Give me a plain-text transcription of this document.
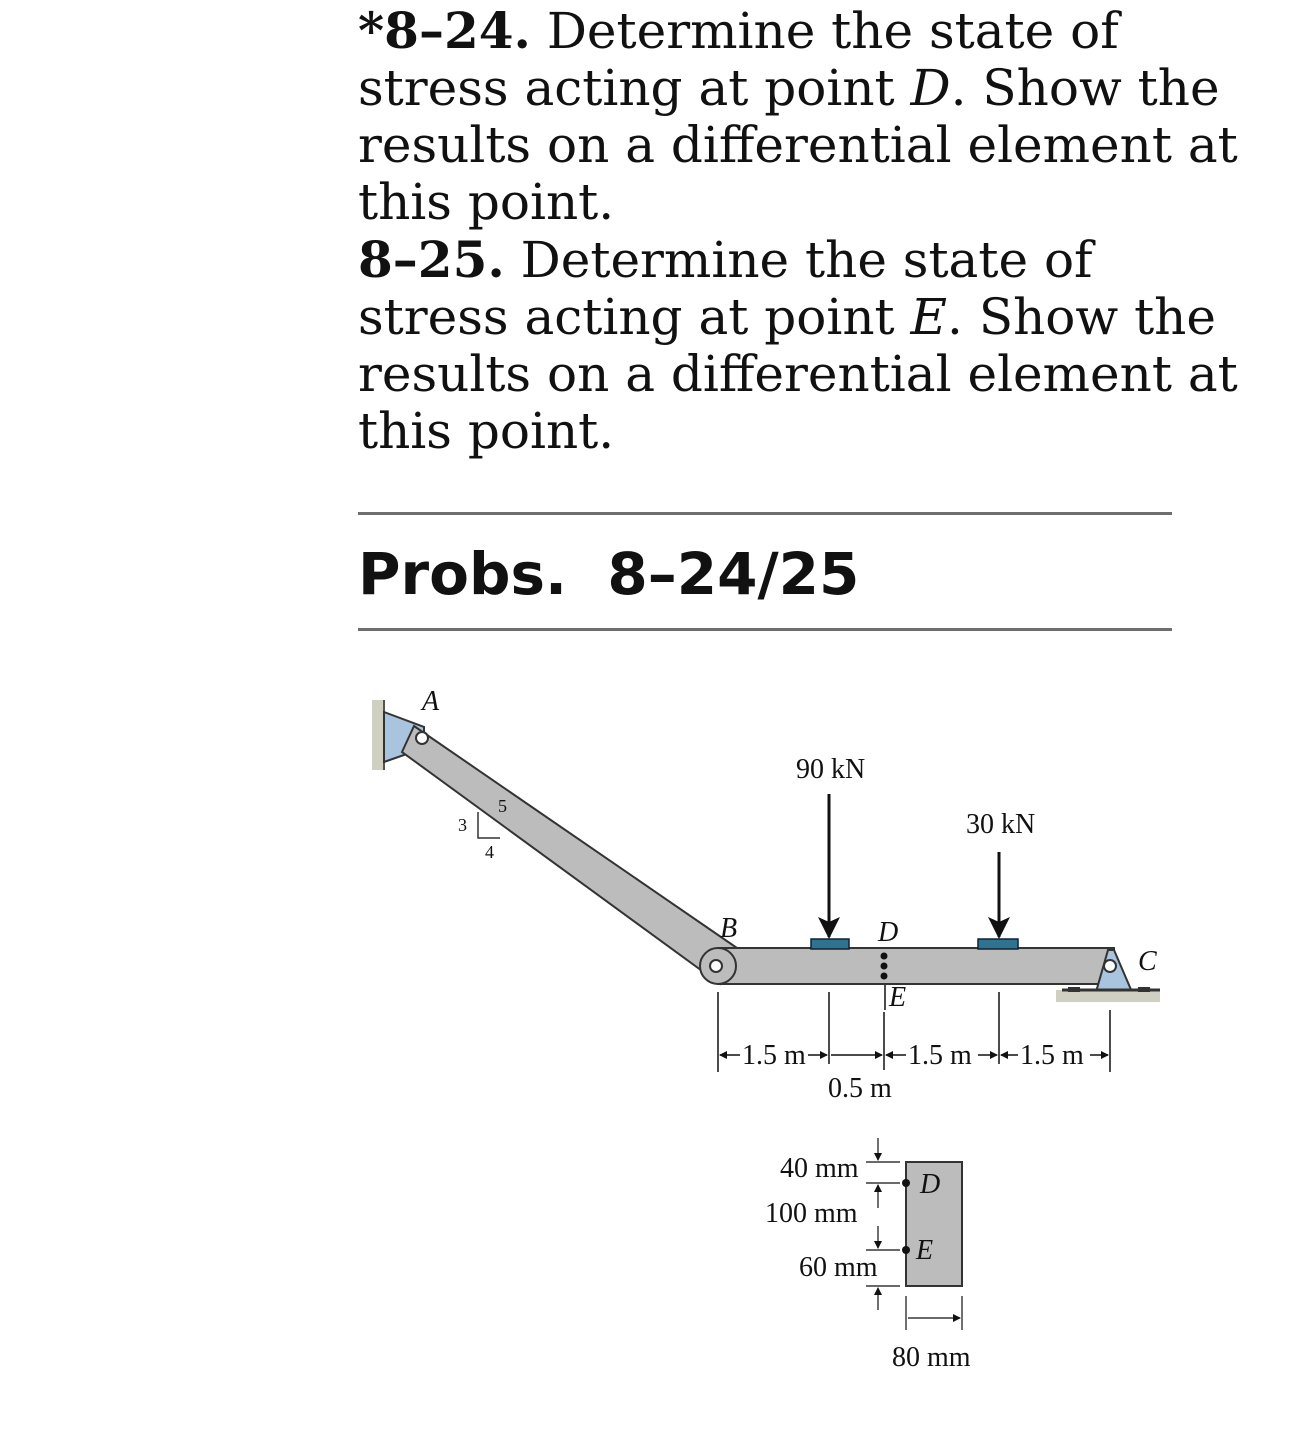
*8–24. Determine the state of stress acting at point D. Show the results on a differential element at this point.

8–25. Determine the state of stress acting at point E. Show the results on a differential element at this point.

Probs.  8–24/25
90 kN
30 kN
A
B
C
D
E
3
4
5
1.5 m
0.5 m
1.5 m 1.5 m
D
E
40 mm
100 mm
60 mm
80 mm
